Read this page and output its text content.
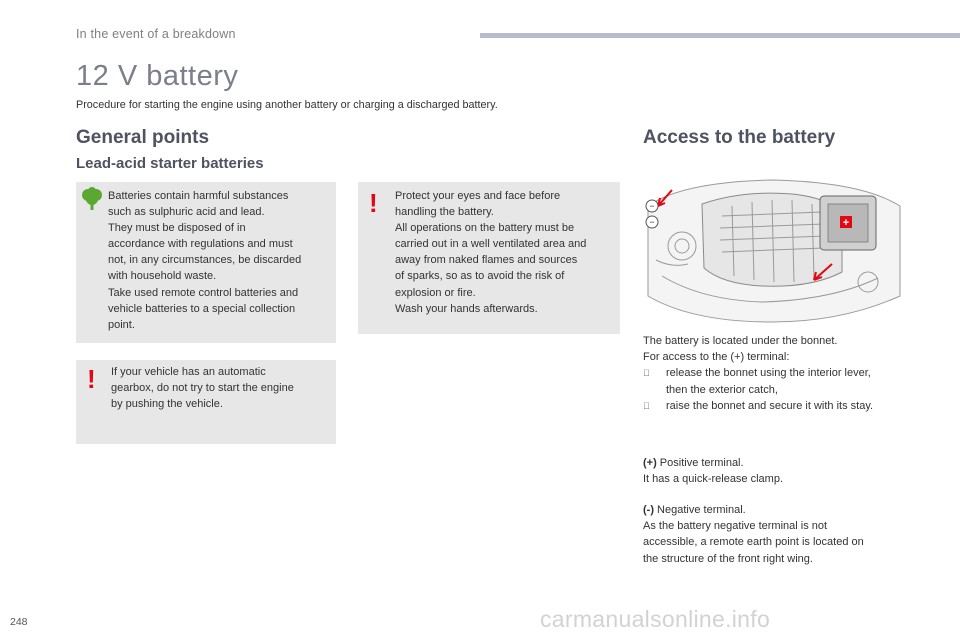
In the event of a breakdown
12 V battery
Procedure for starting the engine using another battery or charging a discharged battery.
General points
Lead-acid starter batteries
Batteries contain harmful substances
such as sulphuric acid and lead.
They must be disposed of in
accordance with regulations and must
not, in any circumstances, be discarded
with household waste.
Take used remote control batteries and
vehicle batteries to a special collection
point.
! Protect your eyes and face before
handling the battery.
All operations on the battery must be
carried out in a well ventilated area and
away from naked flames and sources
of sparks, so as to avoid the risk of
explosion or fire.
Wash your hands afterwards.
! If your vehicle has an automatic
gearbox, do not try to start the engine
by pushing the vehicle.
Access to the battery
+
−
−
The battery is located under the bonnet.
For access to the (+) terminal:
release the bonnet using the interior lever,
then the exterior catch,
raise the bonnet and secure it with its stay.
(+) Positive terminal.
It has a quick-release clamp.
(-) Negative terminal.
As the battery negative terminal is not
accessible, a remote earth point is located on
the structure of the front right wing.
248	carmanualsonline.info
